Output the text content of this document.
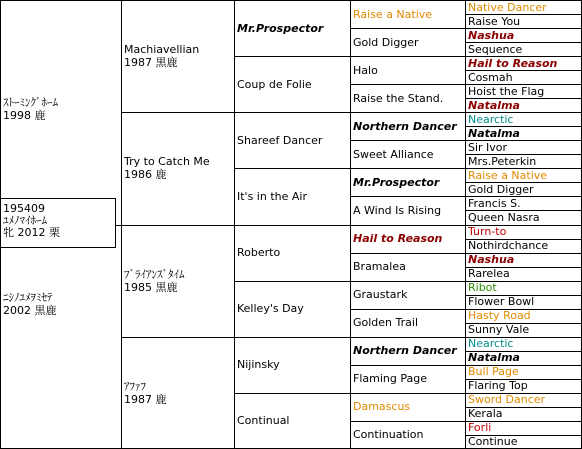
ｽﾄｰﾐﾝｸﾞﾎｰﾑ
1998 鹿
ﾆｼﾉﾕﾒｦﾐｾﾃ
2002 黒鹿
Machiavellian
1987 黒鹿
Try to Catch Me
1986 鹿
ﾌﾞﾗｲｱﾝｽﾞﾀｲﾑ
1985 黒鹿
ｱﾌｧﾌ
1987 鹿
Mr.Prospector
Coup de Folie
Shareef Dancer
It's in the Air
Roberto
Kelley's Day
Nijinsky
Continual
Raise a Native
Gold Digger
Halo
Raise the Stand.
Northern Dancer
Sweet Alliance
Mr.Prospector
A Wind Is Rising
Hail to Reason
Bramalea
Graustark
Golden Trail
Northern Dancer
Flaming Page
Damascus
Continuation
Native Dancer
Raise You
Nashua
Sequence
Hail to Reason
Cosmah
Hoist the Flag
Natalma
Nearctic
Natalma
Sir Ivor
Mrs.Peterkin
Raise a Native
Gold Digger
Francis S.
Queen Nasra
Turn-to
Nothirdchance
Nashua
Rarelea
Ribot
Flower Bowl
Hasty Road
Sunny Vale
Nearctic
Natalma
Bull Page
Flaring Top
Sword Dancer
Kerala
Forli
Continue
195409
ﾕﾒﾉﾏｲﾎｰﾑ
牝 2012 栗
